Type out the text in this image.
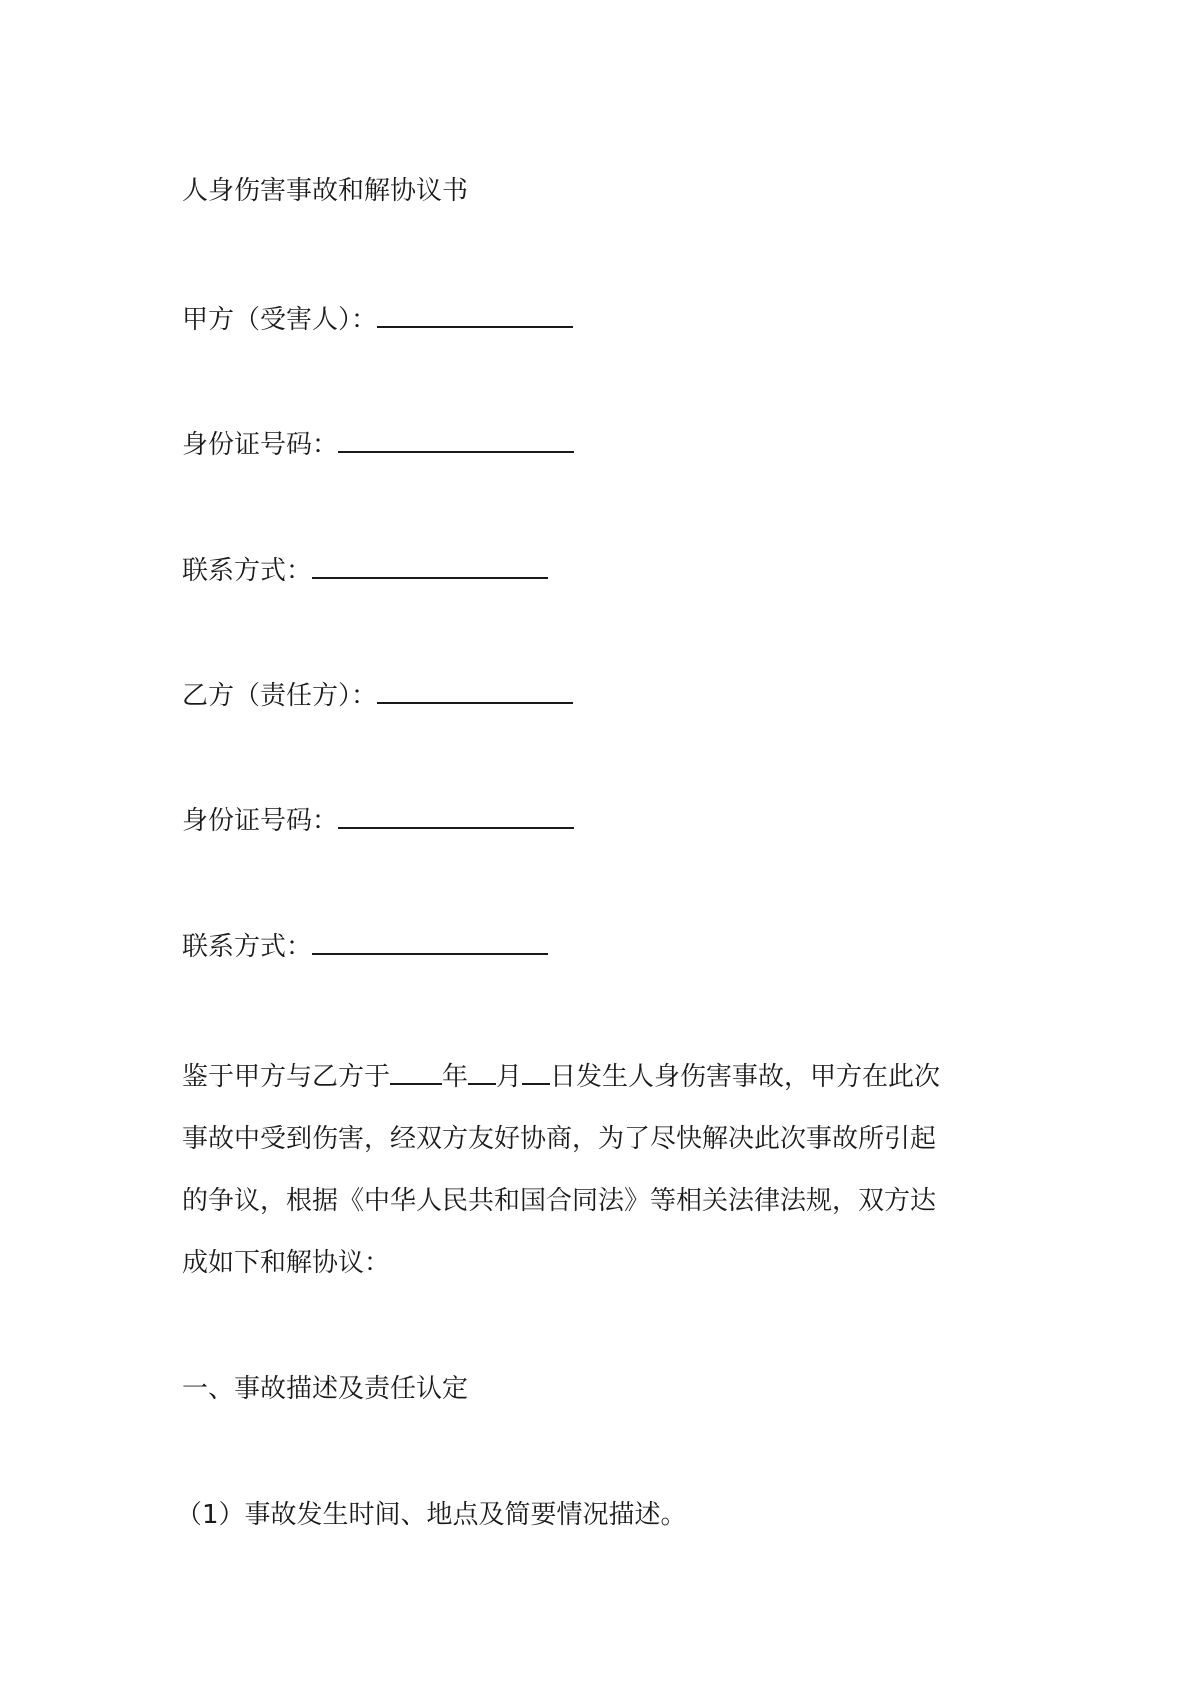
人身伤害事故和解协议书
甲方（受害人）：
身份证号码：
联系方式：
乙方（责任方）：
身份证号码：
联系方式：
鉴于甲方与乙方于 年 月 日发生人身伤害事故，甲方在此次
事故中受到伤害，经双方友好协商，为了尽快解决此次事故所引起
的争议，根据《中华人民共和国合同法》等相关法律法规，双方达
成如下和解协议：
一、事故描述及责任认定
（1）事故发生时间、地点及简要情况描述。
